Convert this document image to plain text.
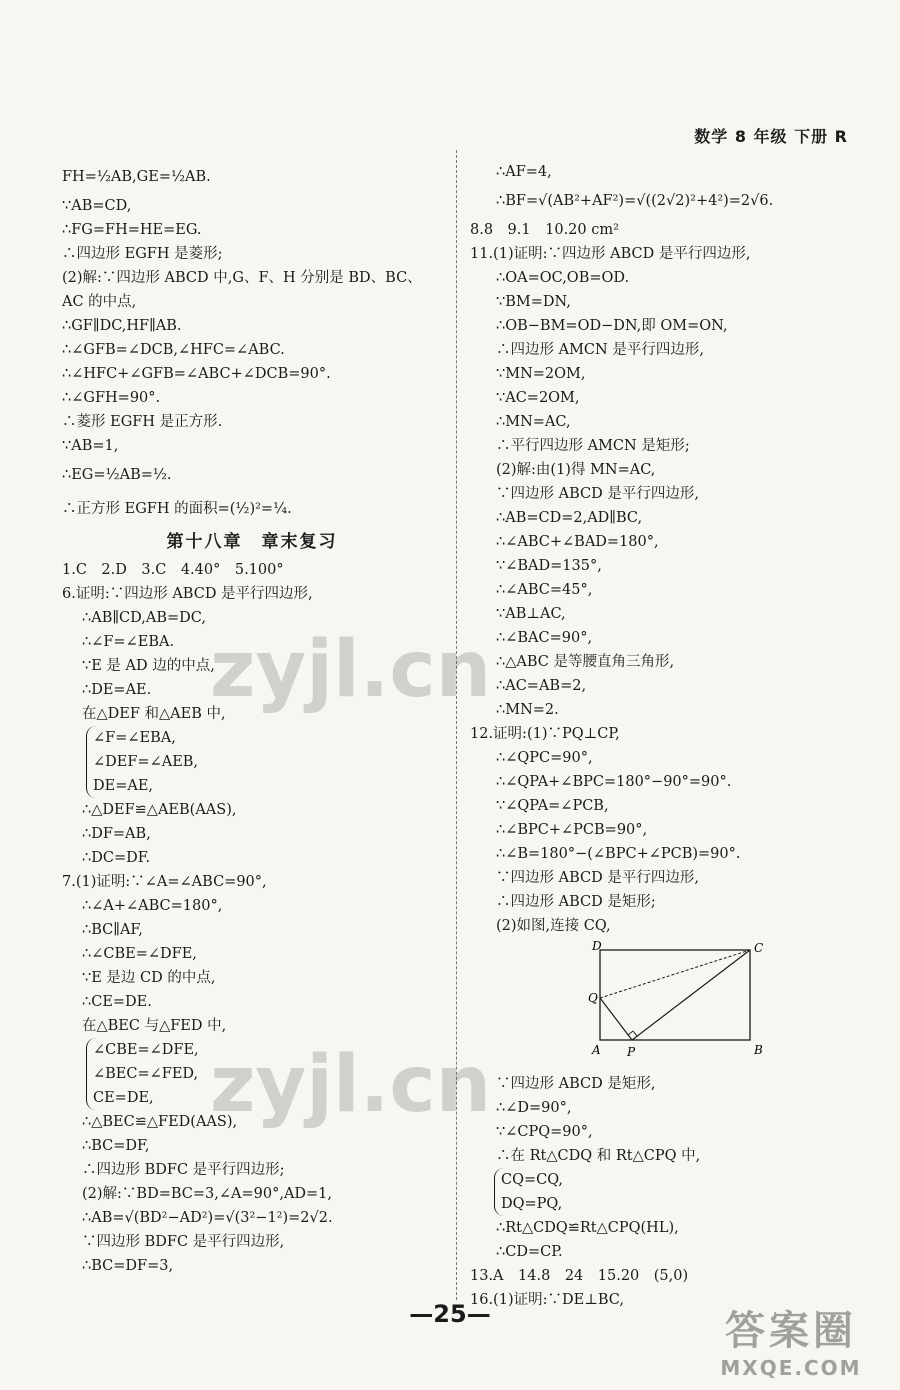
数学 8 年级 下册 R
FH=½AB,GE=½AB.
∵AB=CD,
∴FG=FH=HE=EG.
∴四边形 EGFH 是菱形;
(2)解:∵四边形 ABCD 中,G、F、H 分别是 BD、BC、
AC 的中点,
∴GF∥DC,HF∥AB.
∴∠GFB=∠DCB,∠HFC=∠ABC.
∴∠HFC+∠GFB=∠ABC+∠DCB=90°.
∴∠GFH=90°.
∴菱形 EGFH 是正方形.
∵AB=1,
∴EG=½AB=½.
∴正方形 EGFH 的面积=(½)²=¼.
第十八章　章末复习
1.C　2.D　3.C　4.40°　5.100°
6.证明:∵四边形 ABCD 是平行四边形,
∴AB∥CD,AB=DC,
∴∠F=∠EBA.
∵E 是 AD 边的中点,
∴DE=AE.
在△DEF 和△AEB 中,
∠F=∠EBA,
∠DEF=∠AEB,
DE=AE,
∴△DEF≌△AEB(AAS),
∴DF=AB,
∴DC=DF.
7.(1)证明:∵∠A=∠ABC=90°,
∴∠A+∠ABC=180°,
∴BC∥AF,
∴∠CBE=∠DFE,
∵E 是边 CD 的中点,
∴CE=DE.
在△BEC 与△FED 中,
∠CBE=∠DFE,
∠BEC=∠FED,
CE=DE,
∴△BEC≌△FED(AAS),
∴BC=DF,
∴四边形 BDFC 是平行四边形;
(2)解:∵BD=BC=3,∠A=90°,AD=1,
∴AB=√(BD²−AD²)=√(3²−1²)=2√2.
∵四边形 BDFC 是平行四边形,
∴BC=DF=3,
∴AF=4,
∴BF=√(AB²+AF²)=√((2√2)²+4²)=2√6.
8.8　9.1　10.20 cm²
11.(1)证明:∵四边形 ABCD 是平行四边形,
∴OA=OC,OB=OD.
∵BM=DN,
∴OB−BM=OD−DN,即 OM=ON,
∴四边形 AMCN 是平行四边形,
∵MN=2OM,
∵AC=2OM,
∴MN=AC,
∴平行四边形 AMCN 是矩形;
(2)解:由(1)得 MN=AC,
∵四边形 ABCD 是平行四边形,
∴AB=CD=2,AD∥BC,
∴∠ABC+∠BAD=180°,
∵∠BAD=135°,
∴∠ABC=45°,
∵AB⊥AC,
∴∠BAC=90°,
∴△ABC 是等腰直角三角形,
∴AC=AB=2,
∴MN=2.
12.证明:(1)∵PQ⊥CP,
∴∠QPC=90°,
∴∠QPA+∠BPC=180°−90°=90°.
∵∠QPA=∠PCB,
∴∠BPC+∠PCB=90°,
∴∠B=180°−(∠BPC+∠PCB)=90°.
∵四边形 ABCD 是平行四边形,
∴四边形 ABCD 是矩形;
(2)如图,连接 CQ,
D	C
Q
A P	B
∵四边形 ABCD 是矩形,
∴∠D=90°,
∵∠CPQ=90°,
∴在 Rt△CDQ 和 Rt△CPQ 中,
CQ=CQ,
DQ=PQ,
∴Rt△CDQ≌Rt△CPQ(HL),
∴CD=CP.
13.A　14.8　24　15.20　(5,0)
16.(1)证明:∵DE⊥BC,
—25—
zyjl.cn
zyjl.cn
答案圈
MXQE.COM
